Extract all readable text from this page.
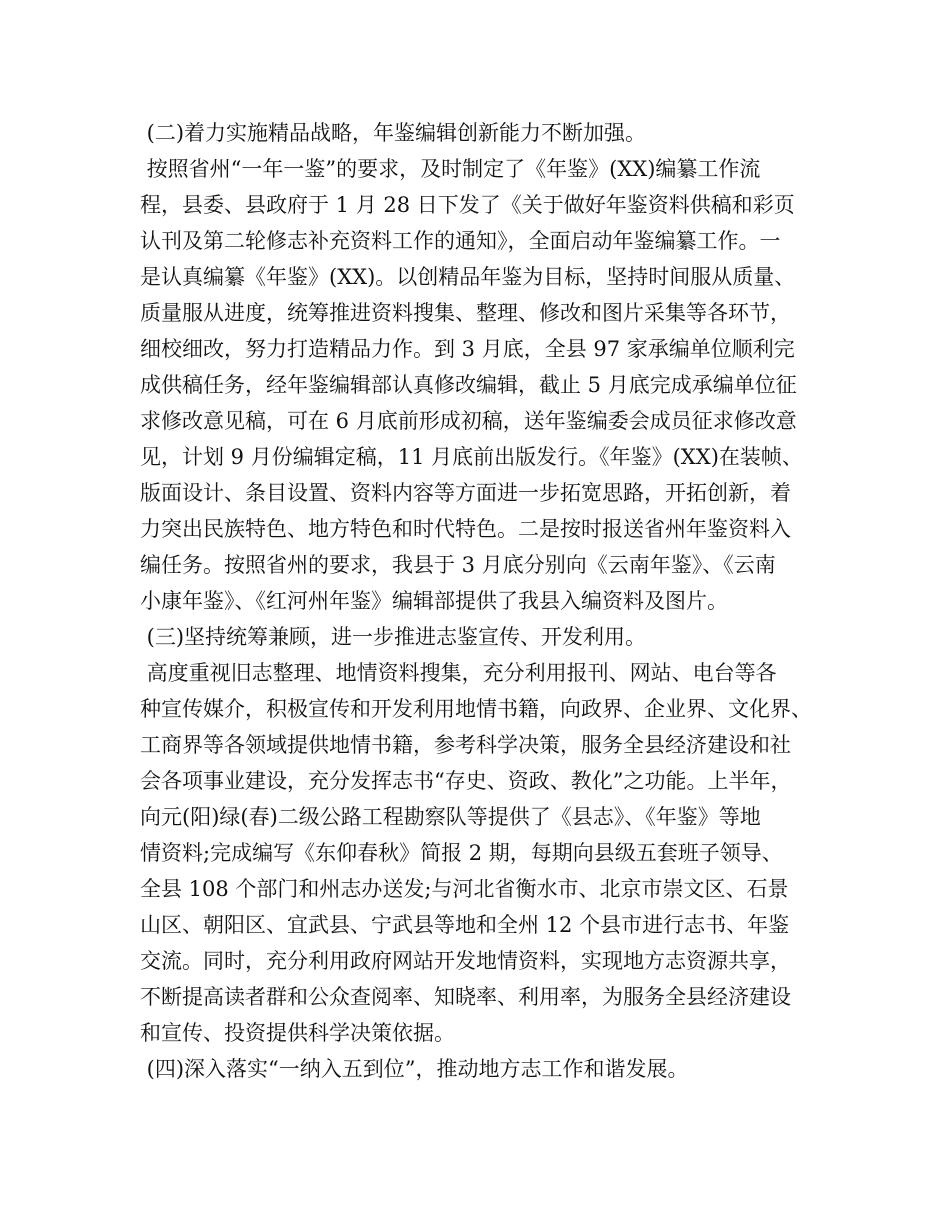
(二)着力实施精品战略，年鉴编辑创新能力不断加强。
按照省州“一年一鉴”的要求，及时制定了《年鉴》(XX)编纂工作流
程，县委、县政府于 1 月 28 日下发了《关于做好年鉴资料供稿和彩页
认刊及第二轮修志补充资料工作的通知》，全面启动年鉴编纂工作。一
是认真编纂《年鉴》(XX)。以创精品年鉴为目标，坚持时间服从质量、
质量服从进度，统筹推进资料搜集、整理、修改和图片采集等各环节，
细校细改，努力打造精品力作。到 3 月底，全县 97 家承编单位顺利完
成供稿任务，经年鉴编辑部认真修改编辑，截止 5 月底完成承编单位征
求修改意见稿，可在 6 月底前形成初稿，送年鉴编委会成员征求修改意
见，计划 9 月份编辑定稿，11 月底前出版发行。《年鉴》(XX)在装帧、
版面设计、条目设置、资料内容等方面进一步拓宽思路，开拓创新，着
力突出民族特色、地方特色和时代特色。二是按时报送省州年鉴资料入
编任务。按照省州的要求，我县于 3 月底分别向《云南年鉴》、《云南
小康年鉴》、《红河州年鉴》编辑部提供了我县入编资料及图片。
(三)坚持统筹兼顾，进一步推进志鉴宣传、开发利用。
高度重视旧志整理、地情资料搜集，充分利用报刊、网站、电台等各
种宣传媒介，积极宣传和开发利用地情书籍，向政界、企业界、文化界、
工商界等各领域提供地情书籍，参考科学决策，服务全县经济建设和社
会各项事业建设，充分发挥志书“存史、资政、教化”之功能。上半年，
向元(阳)绿(春)二级公路工程勘察队等提供了《县志》、《年鉴》等地
情资料;完成编写《东仰春秋》简报 2 期，每期向县级五套班子领导、
全县 108 个部门和州志办送发;与河北省衡水市、北京市崇文区、石景
山区、朝阳区、宜武县、宁武县等地和全州 12 个县市进行志书、年鉴
交流。同时，充分利用政府网站开发地情资料，实现地方志资源共享，
不断提高读者群和公众查阅率、知晓率、利用率，为服务全县经济建设
和宣传、投资提供科学决策依据。
(四)深入落实“一纳入五到位”，推动地方志工作和谐发展。
